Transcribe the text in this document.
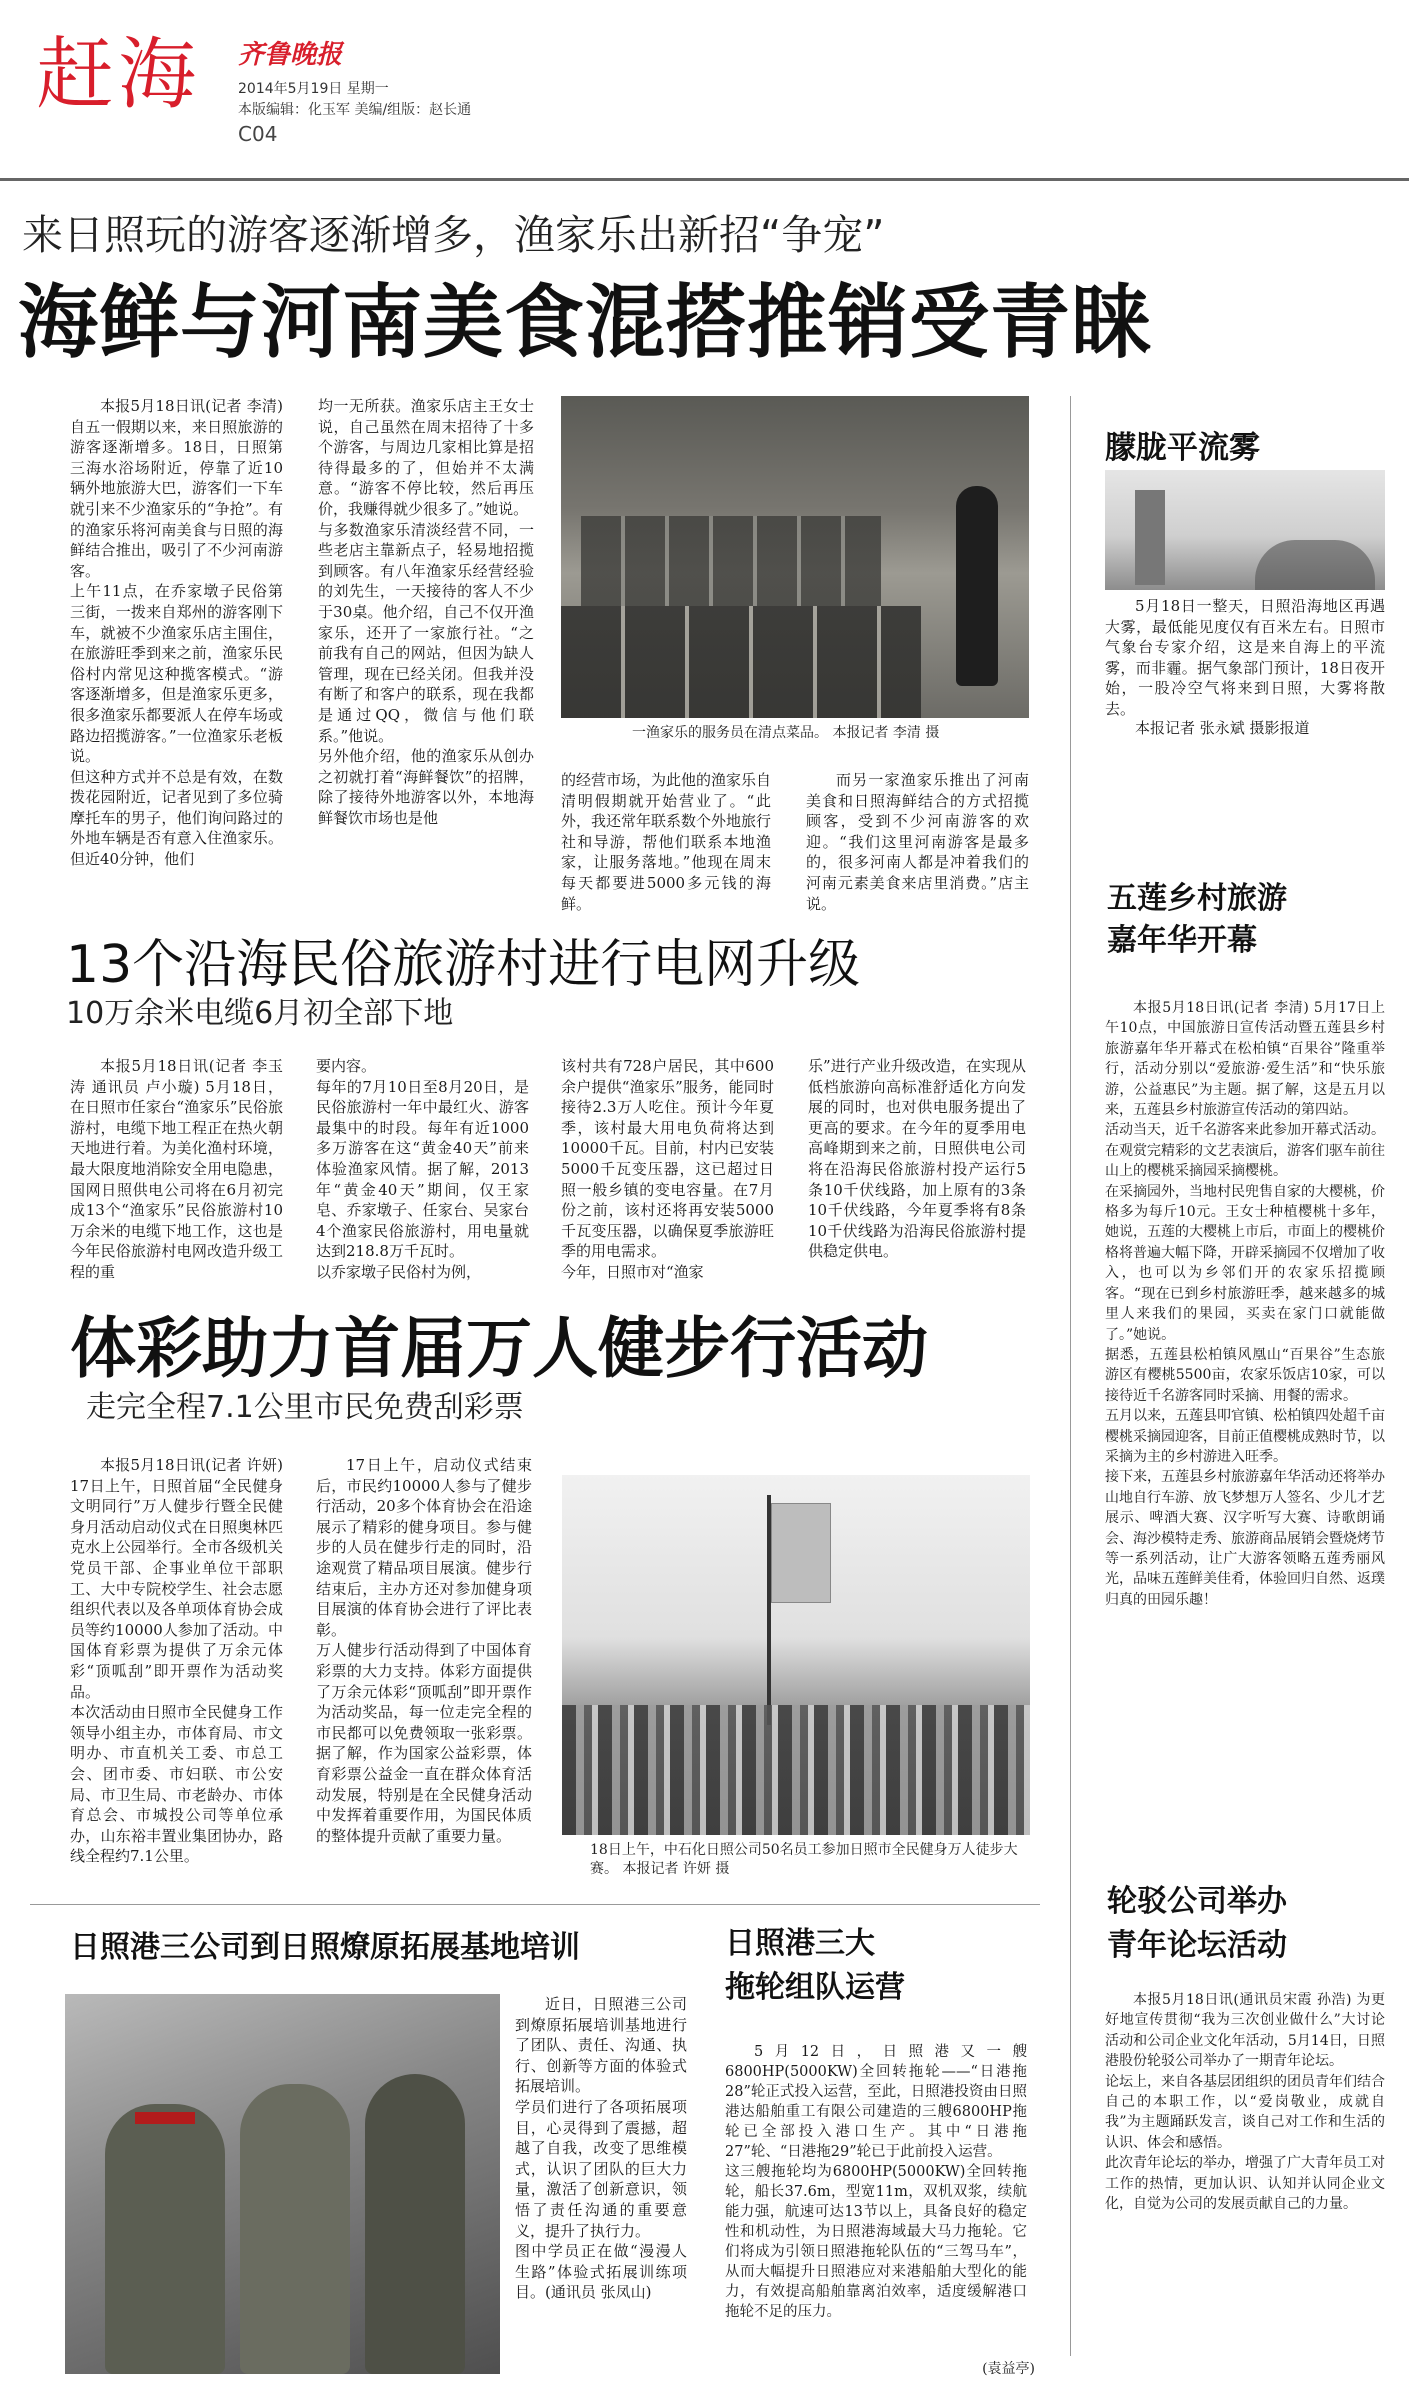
赶海 齐鲁晚报
2014年5月19日 星期一
本版编辑：化玉军 美编/组版：赵长通
C04
来日照玩的游客逐渐增多，渔家乐出新招“争宠”
海鲜与河南美食混搭推销受青睐

本报5月18日讯(记者 李清) 自五一假期以来，来日照旅游的游客逐渐增多。18日，日照第三海水浴场附近，停靠了近10辆外地旅游大巴，游客们一下车就引来不少渔家乐的“争抢”。有的渔家乐将河南美食与日照的海鲜结合推出，吸引了不少河南游客。
上午11点，在乔家墩子民俗第三街，一拨来自郑州的游客刚下车，就被不少渔家乐店主围住，在旅游旺季到来之前，渔家乐民俗村内常见这种揽客模式。“游客逐渐增多，但是渔家乐更多，很多渔家乐都要派人在停车场或路边招揽游客。”一位渔家乐老板说。
但这种方式并不总是有效，在数拨花园附近，记者见到了多位骑摩托车的男子，他们询问路过的外地车辆是否有意入住渔家乐。但近40分钟，他们

均一无所获。渔家乐店主王女士说，自己虽然在周末招待了十多个游客，与周边几家相比算是招待得最多的了，但始并不太满意。“游客不停比较，然后再压价，我赚得就少很多了。”她说。
与多数渔家乐清淡经营不同，一些老店主靠新点子，轻易地招揽到顾客。有八年渔家乐经营经验的刘先生，一天接待的客人不少于30桌。他介绍，自己不仅开渔家乐，还开了一家旅行社。“之前我有自己的网站，但因为缺人管理，现在已经关闭。但我并没有断了和客户的联系，现在我都是通过QQ，微信与他们联系。”他说。
另外他介绍，他的渔家乐从创办之初就打着“海鲜餐饮”的招牌，除了接待外地游客以外，本地海鲜餐饮市场也是他

一渔家乐的服务员在清点菜品。 本报记者 李清 摄

的经营市场，为此他的渔家乐自清明假期就开始营业了。“此外，我还常年联系数个外地旅行社和导游，帮他们联系本地渔家，让服务落地。”他现在周末每天都要进5000多元钱的海鲜。

而另一家渔家乐推出了河南美食和日照海鲜结合的方式招揽顾客，受到不少河南游客的欢迎。“我们这里河南游客是最多的，很多河南人都是冲着我们的河南元素美食来店里消费。”店主说。

朦胧平流雾

5月18日一整天，日照沿海地区再遇大雾，最低能见度仅有百米左右。日照市气象台专家介绍，这是来自海上的平流雾，而非霾。据气象部门预计，18日夜开始，一股冷空气将来到日照，大雾将散去。

本报记者 张永斌 摄影报道

13个沿海民俗旅游村进行电网升级
10万余米电缆6月初全部下地

本报5月18日讯(记者 李玉涛 通讯员 卢小璇) 5月18日，在日照市任家台“渔家乐”民俗旅游村，电缆下地工程正在热火朝天地进行着。为美化渔村环境，最大限度地消除安全用电隐患，国网日照供电公司将在6月初完成13个“渔家乐”民俗旅游村10万余米的电缆下地工作，这也是今年民俗旅游村电网改造升级工程的重

要内容。
每年的7月10日至8月20日，是民俗旅游村一年中最红火、游客最集中的时段。每年有近1000多万游客在这“黄金40天”前来体验渔家风情。据了解，2013年“黄金40天”期间，仅王家皂、乔家墩子、任家台、吴家台4个渔家民俗旅游村，用电量就达到218.8万千瓦时。
以乔家墩子民俗村为例，

该村共有728户居民，其中600余户提供“渔家乐”服务，能同时接待2.3万人吃住。预计今年夏季，该村最大用电负荷将达到10000千瓦。目前，村内已安装5000千瓦变压器，这已超过日照一般乡镇的变电容量。在7月份之前，该村还将再安装5000千瓦变压器，以确保夏季旅游旺季的用电需求。
今年，日照市对“渔家

乐”进行产业升级改造，在实现从低档旅游向高标准舒适化方向发展的同时，也对供电服务提出了更高的要求。在今年的夏季用电高峰期到来之前，日照供电公司将在沿海民俗旅游村投产运行5条10千伏线路，加上原有的3条10千伏线路，今年夏季将有8条10千伏线路为沿海民俗旅游村提供稳定供电。

五莲乡村旅游
嘉年华开幕

本报5月18日讯(记者 李清) 5月17日上午10点，中国旅游日宣传活动暨五莲县乡村旅游嘉年华开幕式在松柏镇“百果谷”隆重举行，活动分别以“爱旅游·爱生活”和“快乐旅游，公益惠民”为主题。据了解，这是五月以来，五莲县乡村旅游宣传活动的第四站。
活动当天，近千名游客来此参加开幕式活动。在观赏完精彩的文艺表演后，游客们驱车前往山上的樱桃采摘园采摘樱桃。
在采摘园外，当地村民兜售自家的大樱桃，价格多为每斤10元。王女士种植樱桃十多年，她说，五莲的大樱桃上市后，市面上的樱桃价格将普遍大幅下降，开辟采摘园不仅增加了收入，也可以为乡邻们开的农家乐招揽顾客。“现在已到乡村旅游旺季，越来越多的城里人来我们的果园，买卖在家门口就能做了。”她说。
据悉，五莲县松柏镇风凰山“百果谷”生态旅游区有樱桃5500亩，农家乐饭店10家，可以接待近千名游客同时采摘、用餐的需求。
五月以来，五莲县叩官镇、松柏镇四处超千亩樱桃采摘园迎客，目前正值樱桃成熟时节，以采摘为主的乡村游进入旺季。
接下来，五莲县乡村旅游嘉年华活动还将举办山地自行车游、放飞梦想万人签名、少儿才艺展示、啤酒大赛、汉字听写大赛、诗歌朗诵会、海沙模特走秀、旅游商品展销会暨烧烤节等一系列活动，让广大游客领略五莲秀丽风光，品味五莲鲜美佳肴，体验回归自然、返璞归真的田园乐趣！

体彩助力首届万人健步行活动
走完全程7.1公里市民免费刮彩票

本报5月18日讯(记者 许妍) 17日上午，日照首届“全民健身 文明同行”万人健步行暨全民健身月活动启动仪式在日照奥林匹克水上公园举行。全市各级机关党员干部、企事业单位干部职工、大中专院校学生、社会志愿组织代表以及各单项体育协会成员等约10000人参加了活动。中国体育彩票为提供了万余元体彩“顶呱刮”即开票作为活动奖品。
本次活动由日照市全民健身工作领导小组主办，市体育局、市文明办、市直机关工委、市总工会、团市委、市妇联、市公安局、市卫生局、市老龄办、市体育总会、市城投公司等单位承办，山东裕丰置业集团协办，路线全程约7.1公里。

17日上午，启动仪式结束后，市民约10000人参与了健步行活动，20多个体育协会在沿途展示了精彩的健身项目。参与健步的人员在健步行走的同时，沿途观赏了精品项目展演。健步行结束后，主办方还对参加健身项目展演的体育协会进行了评比表彰。
万人健步行活动得到了中国体育彩票的大力支持。体彩方面提供了万余元体彩“顶呱刮”即开票作为活动奖品，每一位走完全程的市民都可以免费领取一张彩票。据了解，作为国家公益彩票，体育彩票公益金一直在群众体育活动发展，特别是在全民健身活动中发挥着重要作用，为国民体质的整体提升贡献了重要力量。

18日上午，中石化日照公司50名员工参加日照市全民健身万人徒步大赛。 本报记者 许妍 摄
日照港三公司到日照燎原拓展基地培训

近日，日照港三公司到燎原拓展培训基地进行了团队、责任、沟通、执行、创新等方面的体验式拓展培训。
学员们进行了各项拓展项目，心灵得到了震撼，超越了自我，改变了思维模式，认识了团队的巨大力量，激活了创新意识，领悟了责任沟通的重要意义，提升了执行力。
图中学员正在做“漫漫人生路”体验式拓展训练项目。(通讯员 张凤山)

日照港三大
拖轮组队运营

5月12日，日照港又一艘6800HP(5000KW)全回转拖轮——“日港拖28”轮正式投入运营，至此，日照港投资由日照港达船舶重工有限公司建造的三艘6800HP拖轮已全部投入港口生产。其中“日港拖27”轮、“日港拖29”轮已于此前投入运营。
这三艘拖轮均为6800HP(5000KW)全回转拖轮，船长37.6m，型宽11m，双机双浆，续航能力强，航速可达13节以上，具备良好的稳定性和机动性，为日照港海域最大马力拖轮。它们将成为引领日照港拖轮队伍的“三驾马车”，从而大幅提升日照港应对来港船舶大型化的能力，有效提高船舶靠离泊效率，适度缓解港口拖轮不足的压力。

(袁益亭)
轮驳公司举办
青年论坛活动

本报5月18日讯(通讯员宋霞 孙浩) 为更好地宣传贯彻“我为三次创业做什么”大讨论活动和公司企业文化年活动，5月14日，日照港股份轮驳公司举办了一期青年论坛。
论坛上，来自各基层团组织的团员青年们结合自己的本职工作，以“爱岗敬业，成就自我”为主题踊跃发言，谈自己对工作和生活的认识、体会和感悟。
此次青年论坛的举办，增强了广大青年员工对工作的热情，更加认识、认知并认同企业文化，自觉为公司的发展贡献自己的力量。
